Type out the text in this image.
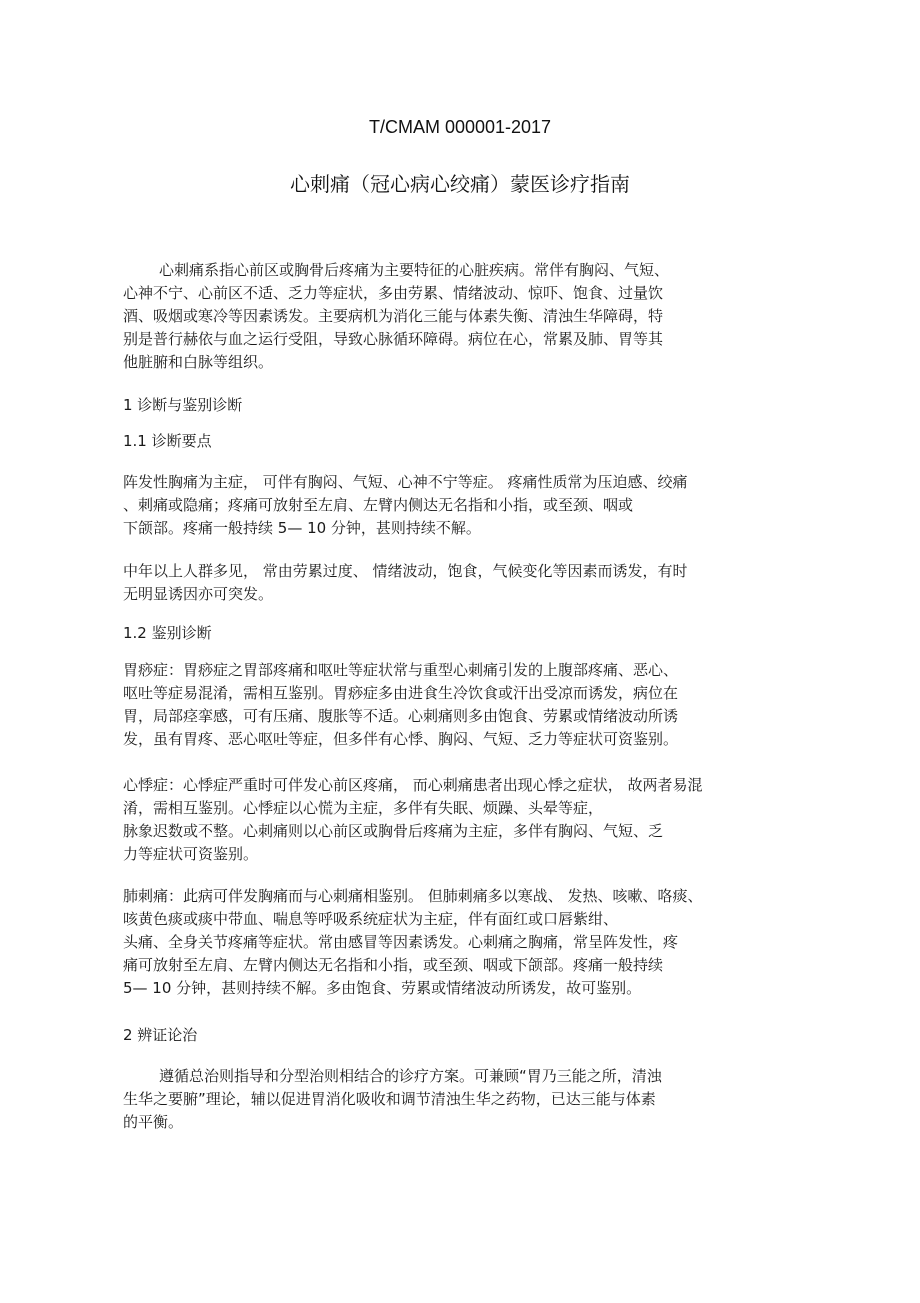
T/CMAM 000001-2017
心刺痛（冠心病心绞痛）蒙医诊疗指南
心刺痛系指心前区或胸骨后疼痛为主要特征的心脏疾病。常伴有胸闷、气短、
心神不宁、心前区不适、乏力等症状，多由劳累、情绪波动、惊吓、饱食、过量饮
酒、吸烟或寒冷等因素诱发。主要病机为消化三能与体素失衡、清浊生华障碍，特
别是普行赫依与血之运行受阻，导致心脉循环障碍。病位在心，常累及肺、胃等其
他脏腑和白脉等组织。
1 诊断与鉴别诊断
1.1 诊断要点
阵发性胸痛为主症， 可伴有胸闷、气短、心神不宁等症。 疼痛性质常为压迫感、绞痛
、刺痛或隐痛；疼痛可放射至左肩、左臂内侧达无名指和小指，或至颈、咽或
下颌部。疼痛一般持续 5— 10 分钟，甚则持续不解。
中年以上人群多见， 常由劳累过度、 情绪波动，饱食，气候变化等因素而诱发，有时
无明显诱因亦可突发。
1.2 鉴别诊断
胃痧症：胃痧症之胃部疼痛和呕吐等症状常与重型心刺痛引发的上腹部疼痛、恶心、
呕吐等症易混淆，需相互鉴别。胃痧症多由进食生冷饮食或汗出受凉而诱发，病位在
胃，局部痉挛感，可有压痛、腹胀等不适。心刺痛则多由饱食、劳累或情绪波动所诱
发，虽有胃疼、恶心呕吐等症，但多伴有心悸、胸闷、气短、乏力等症状可资鉴别。
心悸症：心悸症严重时可伴发心前区疼痛， 而心刺痛患者出现心悸之症状， 故两者易混
淆，需相互鉴别。心悸症以心慌为主症，多伴有失眠、烦躁、头晕等症，
脉象迟数或不整。心刺痛则以心前区或胸骨后疼痛为主症，多伴有胸闷、气短、乏
力等症状可资鉴别。
肺刺痛：此病可伴发胸痛而与心刺痛相鉴别。 但肺刺痛多以寒战、 发热、咳嗽、咯痰、
咳黄色痰或痰中带血、喘息等呼吸系统症状为主症，伴有面红或口唇紫绀、
头痛、全身关节疼痛等症状。常由感冒等因素诱发。心刺痛之胸痛，常呈阵发性，疼
痛可放射至左肩、左臂内侧达无名指和小指，或至颈、咽或下颌部。疼痛一般持续
5— 10 分钟，甚则持续不解。多由饱食、劳累或情绪波动所诱发，故可鉴别。
2 辨证论治
遵循总治则指导和分型治则相结合的诊疗方案。可兼顾“胃乃三能之所，清浊
生华之要腑”理论，辅以促进胃消化吸收和调节清浊生华之药物，已达三能与体素
的平衡。
